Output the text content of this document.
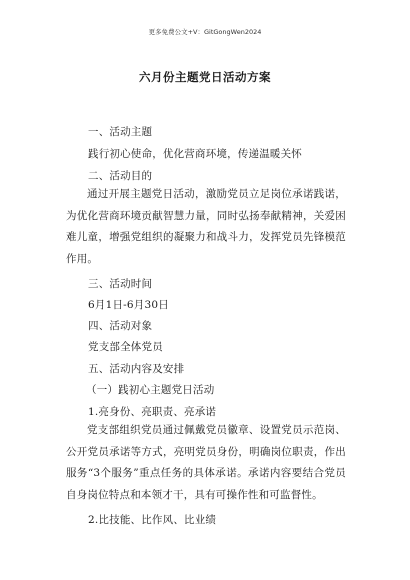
更多免费公文+V：GitGongWen2024
六月份主题党日活动方案
一、活动主题
践行初心使命，优化营商环境，传递温暖关怀
二、活动目的
通过开展主题党日活动，激励党员立足岗位承诺践诺，为优化营商环境贡献智慧力量，同时弘扬奉献精神，关爱困难儿童，增强党组织的凝聚力和战斗力，发挥党员先锋模范作用。
三、活动时间
6月1日-6月30日
四、活动对象
党支部全体党员
五、活动内容及安排
（一）践初心主题党日活动
1.亮身份、亮职责、亮承诺
党支部组织党员通过佩戴党员徽章、设置党员示范岗、公开党员承诺等方式，亮明党员身份，明确岗位职责，作出服务“3个服务”重点任务的具体承诺。承诺内容要结合党员自身岗位特点和本领才干，具有可操作性和可监督性。
2.比技能、比作风、比业绩
